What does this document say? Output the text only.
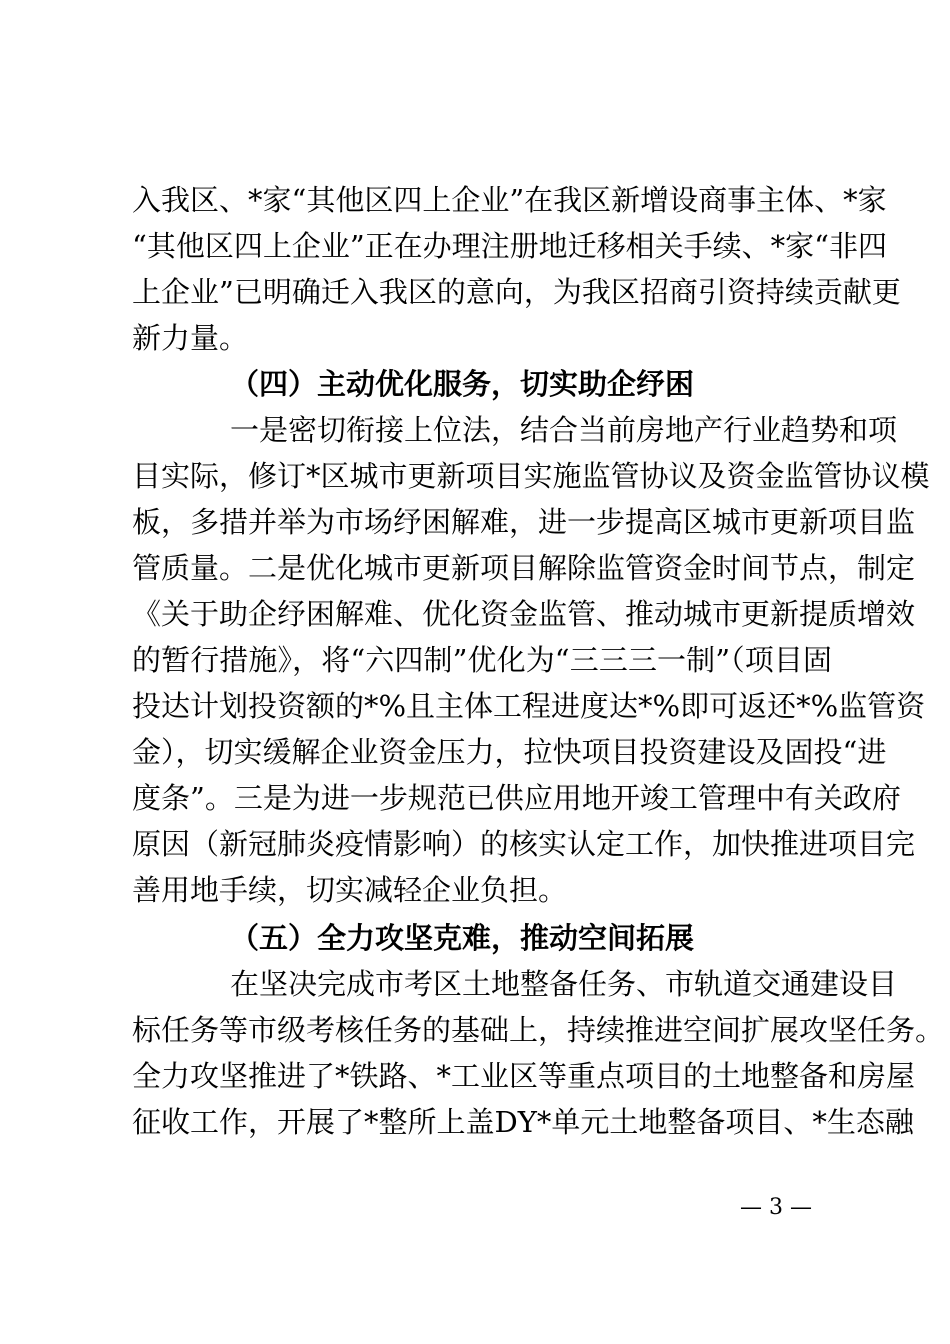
入我区、*家“其他区四上企业”在我区新增设商事主体、*家
“其他区四上企业”正在办理注册地迁移相关手续、*家“非四
上企业”已明确迁入我区的意向，为我区招商引资持续贡献更
新力量。
（四）主动优化服务，切实助企纾困
一是密切衔接上位法，结合当前房地产行业趋势和项
目实际，修订*区城市更新项目实施监管协议及资金监管协议模
板，多措并举为市场纾困解难，进一步提高区城市更新项目监
管质量。二是优化城市更新项目解除监管资金时间节点，制定
《关于助企纾困解难、优化资金监管、推动城市更新提质增效
的暂行措施》，将“六四制”优化为“三三三一制”（项目固
投达计划投资额的*%且主体工程进度达*%即可返还*%监管资
金），切实缓解企业资金压力，拉快项目投资建设及固投“进
度条”。三是为进一步规范已供应用地开竣工管理中有关政府
原因（新冠肺炎疫情影响）的核实认定工作，加快推进项目完
善用地手续，切实减轻企业负担。
（五）全力攻坚克难，推动空间拓展
在坚决完成市考区土地整备任务、市轨道交通建设目
标任务等市级考核任务的基础上，持续推进空间扩展攻坚任务。
全力攻坚推进了*铁路、*工业区等重点项目的土地整备和房屋
征收工作，开展了*整所上盖DY*单元土地整备项目、*生态融
— 3 —
